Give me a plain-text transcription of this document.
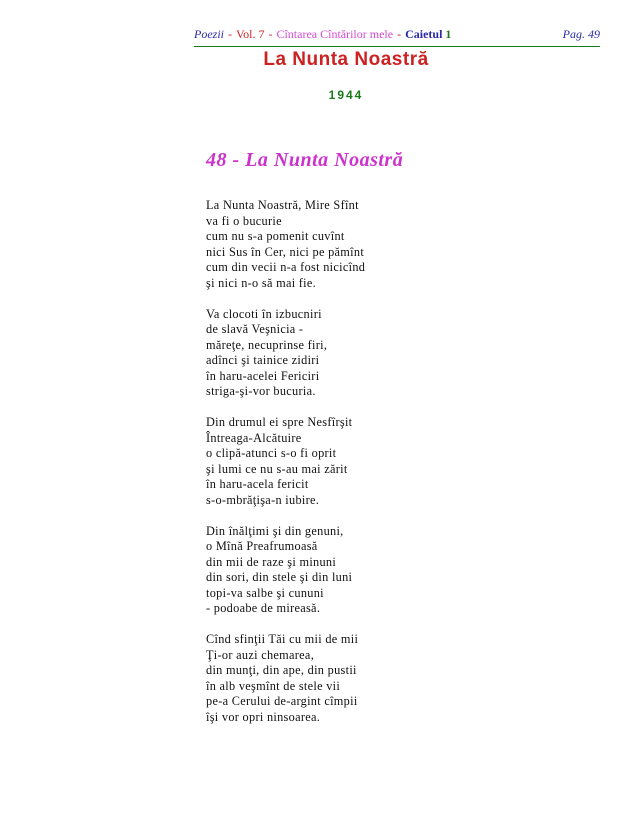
Poezii - Vol. 7 - Cîntarea Cîntărilor mele - Caietul 1	Pag. 49
La Nunta Noastră
1944
48 - La Nunta Noastră
La Nunta Noastră, Mire Sfînt
va fi o bucurie
cum nu s-a pomenit cuvînt
nici Sus în Cer, nici pe pămînt
cum din vecii n-a fost nicicînd
şi nici n-o să mai fie.
Va clocoti în izbucniri
de slavă Veşnicia -
măreţe, necuprinse firi,
adînci şi tainice zidiri
în haru-acelei Fericiri
striga-şi-vor bucuria.
Din drumul ei spre Nesfîrşit
Întreaga-Alcătuire
o clipă-atunci s-o fi oprit
şi lumi ce nu s-au mai zărit
în haru-acela fericit
s-o-mbrăţişa-n iubire.
Din înălţimi şi din genuni,
o Mînă Preafrumoasă
din mii de raze şi minuni
din sori, din stele şi din luni
topi-va salbe şi cununi
- podoabe de mireasă.
Cînd sfinţii Tăi cu mii de mii
Ţi-or auzi chemarea,
din munţi, din ape, din pustii
în alb veşmînt de stele vii
pe-a Cerului de-argint cîmpii
îşi vor opri ninsoarea.
